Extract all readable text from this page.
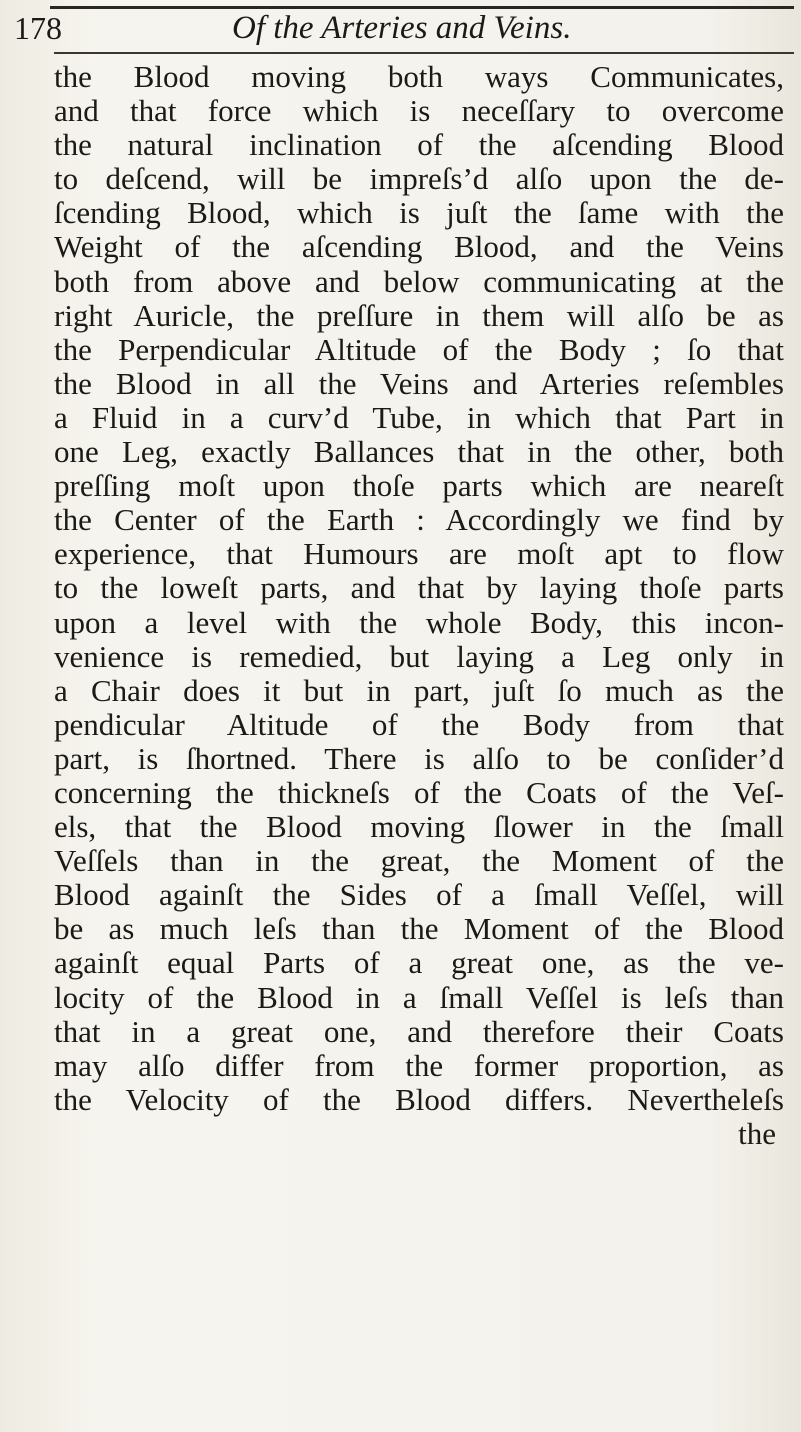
178	Of the Arteries and Veins.
the Blood moving both ways Communicates,
and that force which is neceſſary to overcome
the natural inclination of the aſcending Blood
to deſcend, will be impreſs’d alſo upon the de-
ſcending Blood, which is juſt the ſame with the
Weight of the aſcending Blood, and the Veins
both from above and below communicating at the
right Auricle, the preſſure in them will alſo be as
the Perpendicular Altitude of the Body ; ſo that
the Blood in all the Veins and Arteries reſembles
a Fluid in a curv’d Tube, in which that Part in
one Leg, exactly Ballances that in the other, both
preſſing moſt upon thoſe parts which are neareſt
the Center of the Earth : Accordingly we find by
experience, that Humours are moſt apt to flow
to the loweſt parts, and that by laying thoſe parts
upon a level with the whole Body, this incon-
venience is remedied, but laying a Leg only in
a Chair does it but in part, juſt ſo much as the
pendicular Altitude of the Body from that
part, is ſhortned. There is alſo to be conſider’d
concerning the thickneſs of the Coats of the Veſ-
els, that the Blood moving ſlower in the ſmall
Veſſels than in the great, the Moment of the
Blood againſt the Sides of a ſmall Veſſel, will
be as much leſs than the Moment of the Blood
againſt equal Parts of a great one, as the ve-
locity of the Blood in a ſmall Veſſel is leſs than
that in a great one, and therefore their Coats
may alſo differ from the former proportion, as
the Velocity of the Blood differs. Nevertheleſs
the
